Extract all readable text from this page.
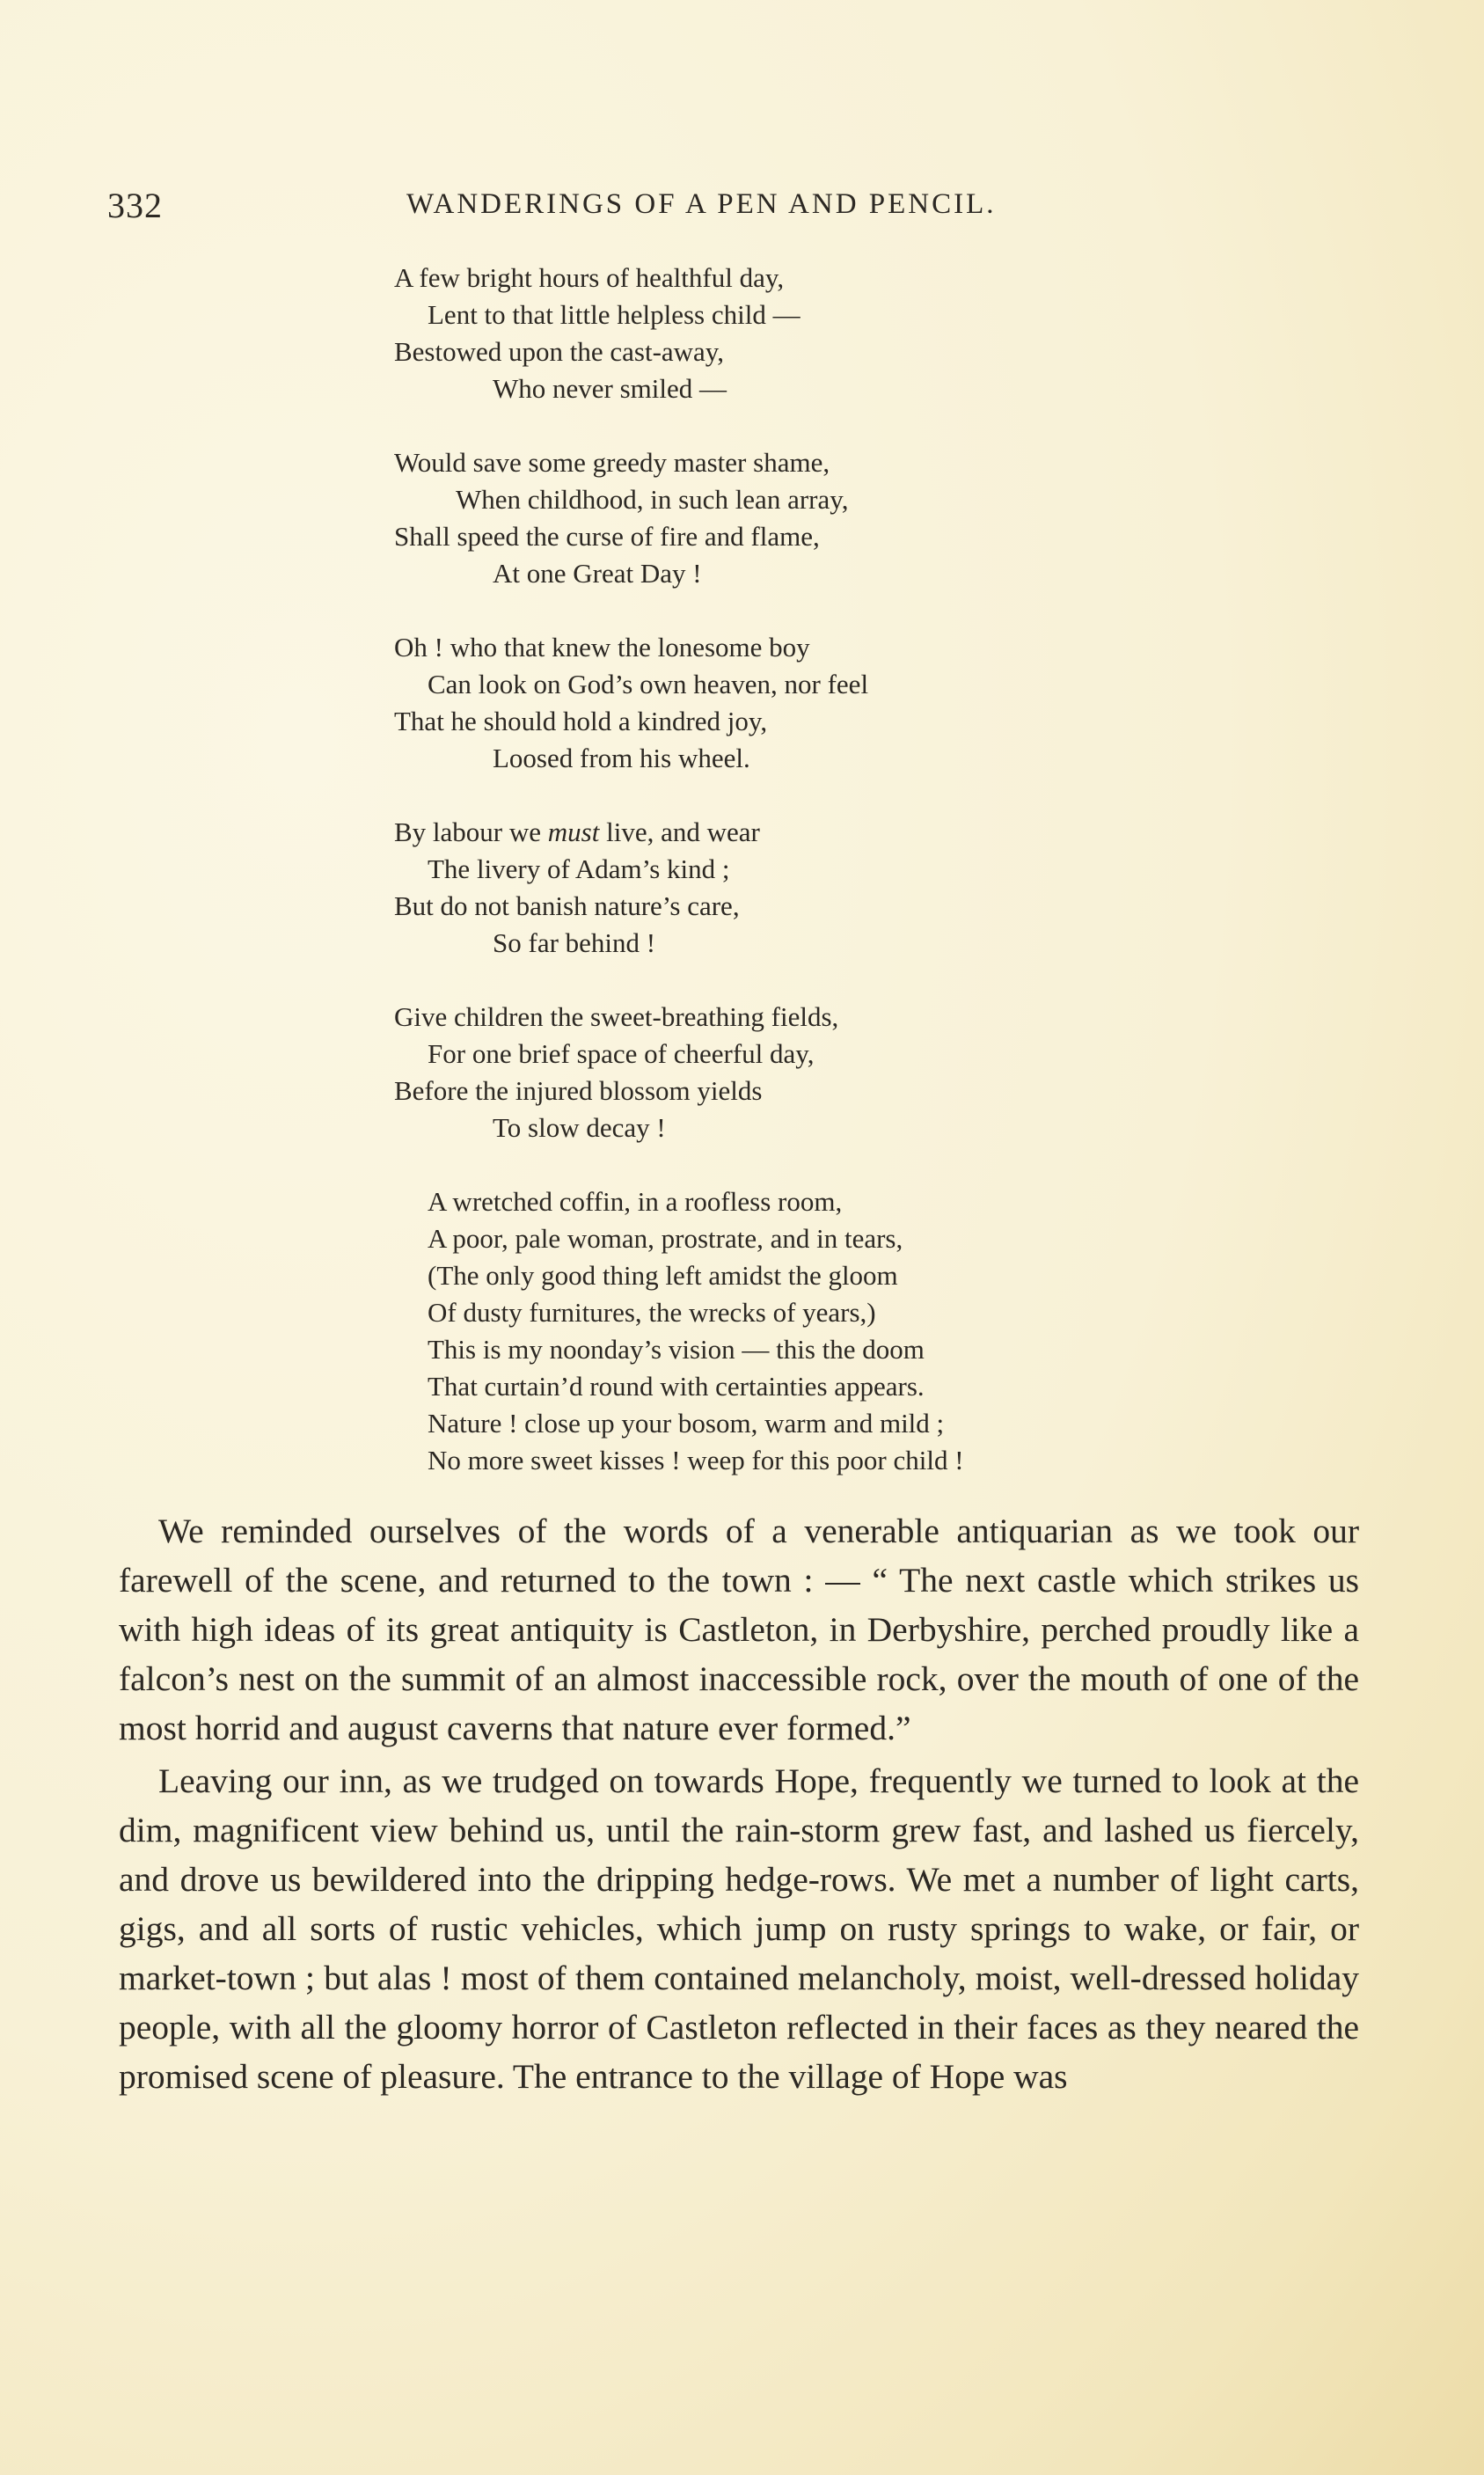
332	WANDERINGS OF A PEN AND PENCIL.
A few bright hours of healthful day,
Lent to that little helpless child —
Bestowed upon the cast-away,
Who never smiled —
Would save some greedy master shame,
When childhood, in such lean array,
Shall speed the curse of fire and flame,
At one Great Day !
Oh ! who that knew the lonesome boy
Can look on God’s own heaven, nor feel
That he should hold a kindred joy,
Loosed from his wheel.
By labour we must live, and wear
The livery of Adam’s kind ;
But do not banish nature’s care,
So far behind !
Give children the sweet-breathing fields,
For one brief space of cheerful day,
Before the injured blossom yields
To slow decay !
A wretched coffin, in a roofless room,
A poor, pale woman, prostrate, and in tears,
(The only good thing left amidst the gloom
Of dusty furnitures, the wrecks of years,)
This is my noonday’s vision — this the doom
That curtain’d round with certainties appears.
Nature ! close up your bosom, warm and mild ;
No more sweet kisses ! weep for this poor child !

We reminded ourselves of the words of a venerable antiquarian as we took our farewell of the scene, and returned to the town : — “ The next castle which strikes us with high ideas of its great antiquity is Castleton, in Derbyshire, perched proudly like a falcon’s nest on the summit of an almost inaccessible rock, over the mouth of one of the most horrid and august caverns that nature ever formed.”

Leaving our inn, as we trudged on towards Hope, frequently we turned to look at the dim, magnificent view behind us, until the rain-storm grew fast, and lashed us fiercely, and drove us bewildered into the dripping hedge-rows. We met a number of light carts, gigs, and all sorts of rustic vehicles, which jump on rusty springs to wake, or fair, or market-town ; but alas ! most of them contained melancholy, moist, well-dressed holiday people, with all the gloomy horror of Castleton reflected in their faces as they neared the promised scene of pleasure. The entrance to the village of Hope was
